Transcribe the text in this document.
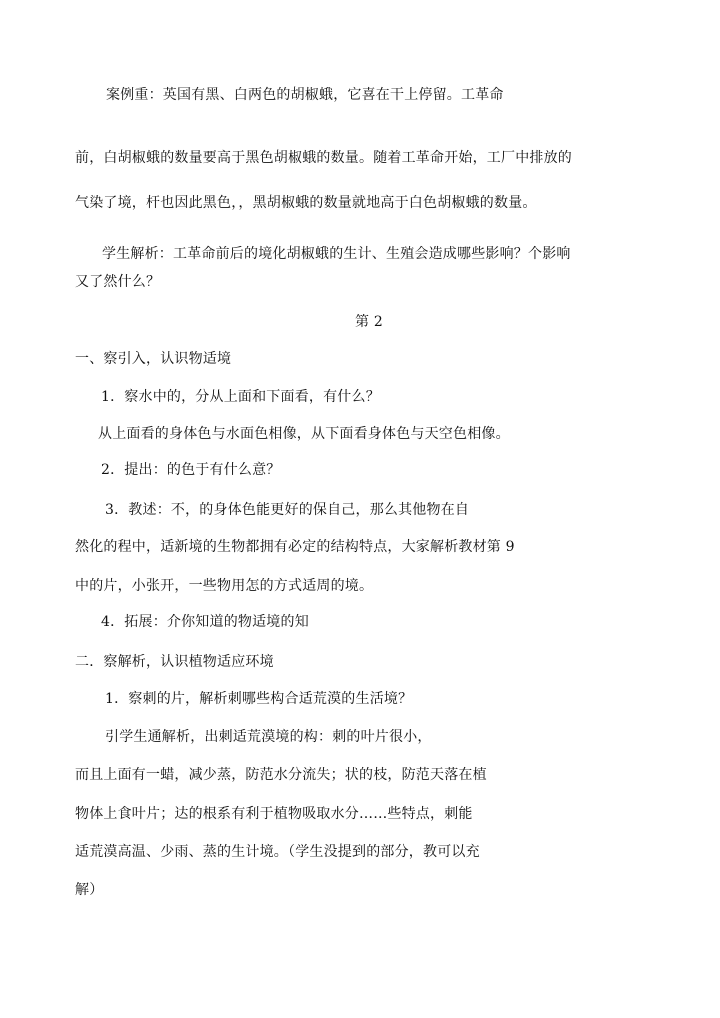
案例重：英国有黑、白两色的胡椒蛾，它喜在干上停留。工革命
前，白胡椒蛾的数量要高于黑色胡椒蛾的数量。随着工革命开始，工厂中排放的
气染了境，杆也因此黑色，，黑胡椒蛾的数量就地高于白色胡椒蛾的数量。
学生解析：工革命前后的境化胡椒蛾的生计、生殖会造成哪些影响？个影响
又了然什么？
第 2
一、察引入，认识物适境
1．察水中的，分从上面和下面看，有什么？
从上面看的身体色与水面色相像，从下面看身体色与天空色相像。
2．提出：的色于有什么意？
3．教述：不，的身体色能更好的保自己，那么其他物在自
然化的程中，适新境的生物都拥有必定的结构特点，大家解析教材第 9
中的片，小张开，一些物用怎的方式适周的境。
4．拓展：介你知道的物适境的知
二．察解析，认识植物适应环境
1．察刺的片，解析刺哪些构合适荒漠的生活境？
引学生通解析，出刺适荒漠境的构：刺的叶片很小，
而且上面有一蜡，减少蒸，防范水分流失；状的枝，防范天落在植
物体上食叶片；达的根系有利于植物吸取水分……些特点，刺能
适荒漠高温、少雨、蒸的生计境。（学生没提到的部分，教可以充
解）
